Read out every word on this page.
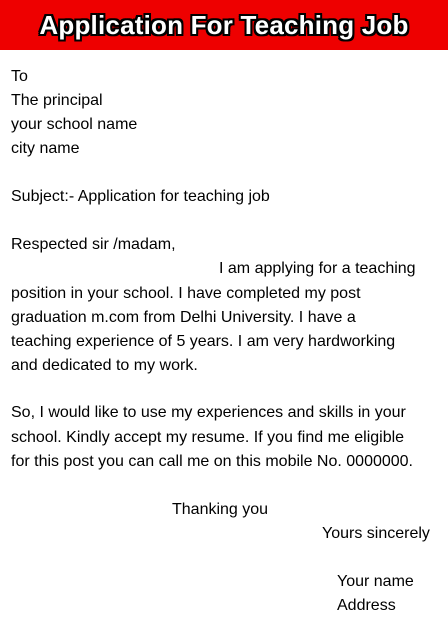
Application For Teaching Job
To
The principal
your school name
city name
Subject:- Application for teaching job
Respected sir /madam,
I am applying for a teaching
position in your school. I have completed my post
graduation m.com from Delhi University. I have a
teaching experience of 5 years. I am very hardworking
and dedicated to my work.
So, I would like to use my experiences and skills in your
school. Kindly accept my resume. If you find me eligible
for this post you can call me on this mobile No. 0000000.
Thanking you
Yours sincerely
Your name
Address
